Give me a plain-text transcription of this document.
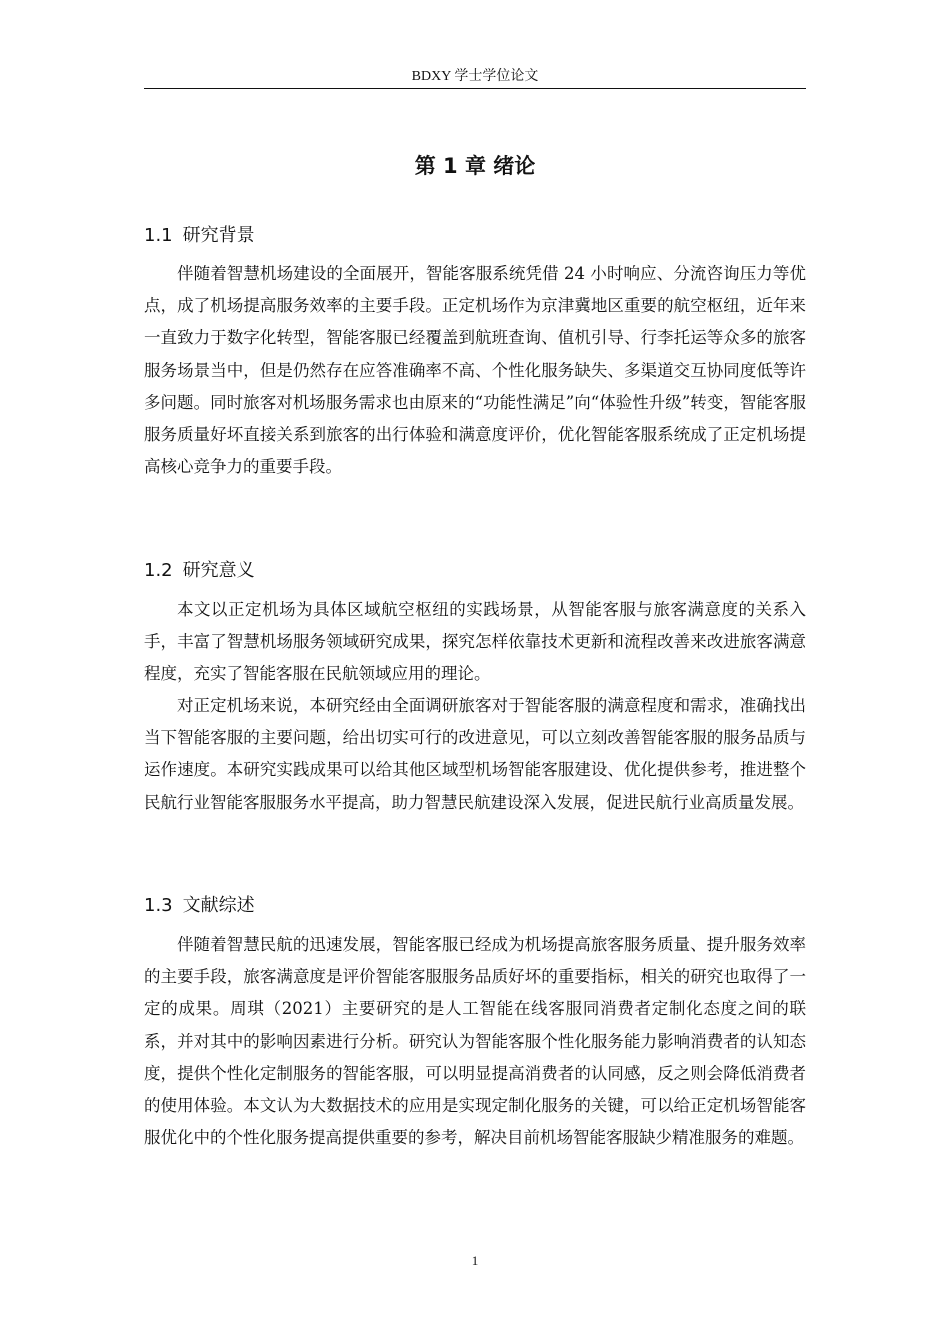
BDXY 学士学位论文
第 1 章 绪论
1.1 研究背景

伴随着智慧机场建设的全面展开，智能客服系统凭借 24 小时响应、分流咨询压力等优点，成了机场提高服务效率的主要手段。正定机场作为京津冀地区重要的航空枢纽，近年来一直致力于数字化转型，智能客服已经覆盖到航班查询、值机引导、行李托运等众多的旅客服务场景当中，但是仍然存在应答准确率不高、个性化服务缺失、多渠道交互协同度低等许多问题。同时旅客对机场服务需求也由原来的“功能性满足”向“体验性升级”转变，智能客服服务质量好坏直接关系到旅客的出行体验和满意度评价，优化智能客服系统成了正定机场提高核心竞争力的重要手段。

1.2 研究意义

本文以正定机场为具体区域航空枢纽的实践场景，从智能客服与旅客满意度的关系入手，丰富了智慧机场服务领域研究成果，探究怎样依靠技术更新和流程改善来改进旅客满意程度，充实了智能客服在民航领域应用的理论。

对正定机场来说，本研究经由全面调研旅客对于智能客服的满意程度和需求，准确找出当下智能客服的主要问题，给出切实可行的改进意见，可以立刻改善智能客服的服务品质与运作速度。本研究实践成果可以给其他区域型机场智能客服建设、优化提供参考，推进整个民航行业智能客服服务水平提高，助力智慧民航建设深入发展，促进民航行业高质量发展。

1.3 文献综述

伴随着智慧民航的迅速发展，智能客服已经成为机场提高旅客服务质量、提升服务效率的主要手段，旅客满意度是评价智能客服服务品质好坏的重要指标，相关的研究也取得了一定的成果。周琪（2021）主要研究的是人工智能在线客服同消费者定制化态度之间的联系，并对其中的影响因素进行分析。研究认为智能客服个性化服务能力影响消费者的认知态度，提供个性化定制服务的智能客服，可以明显提高消费者的认同感，反之则会降低消费者的使用体验。本文认为大数据技术的应用是实现定制化服务的关键，可以给正定机场智能客服优化中的个性化服务提高提供重要的参考，解决目前机场智能客服缺少精准服务的难题。

1
